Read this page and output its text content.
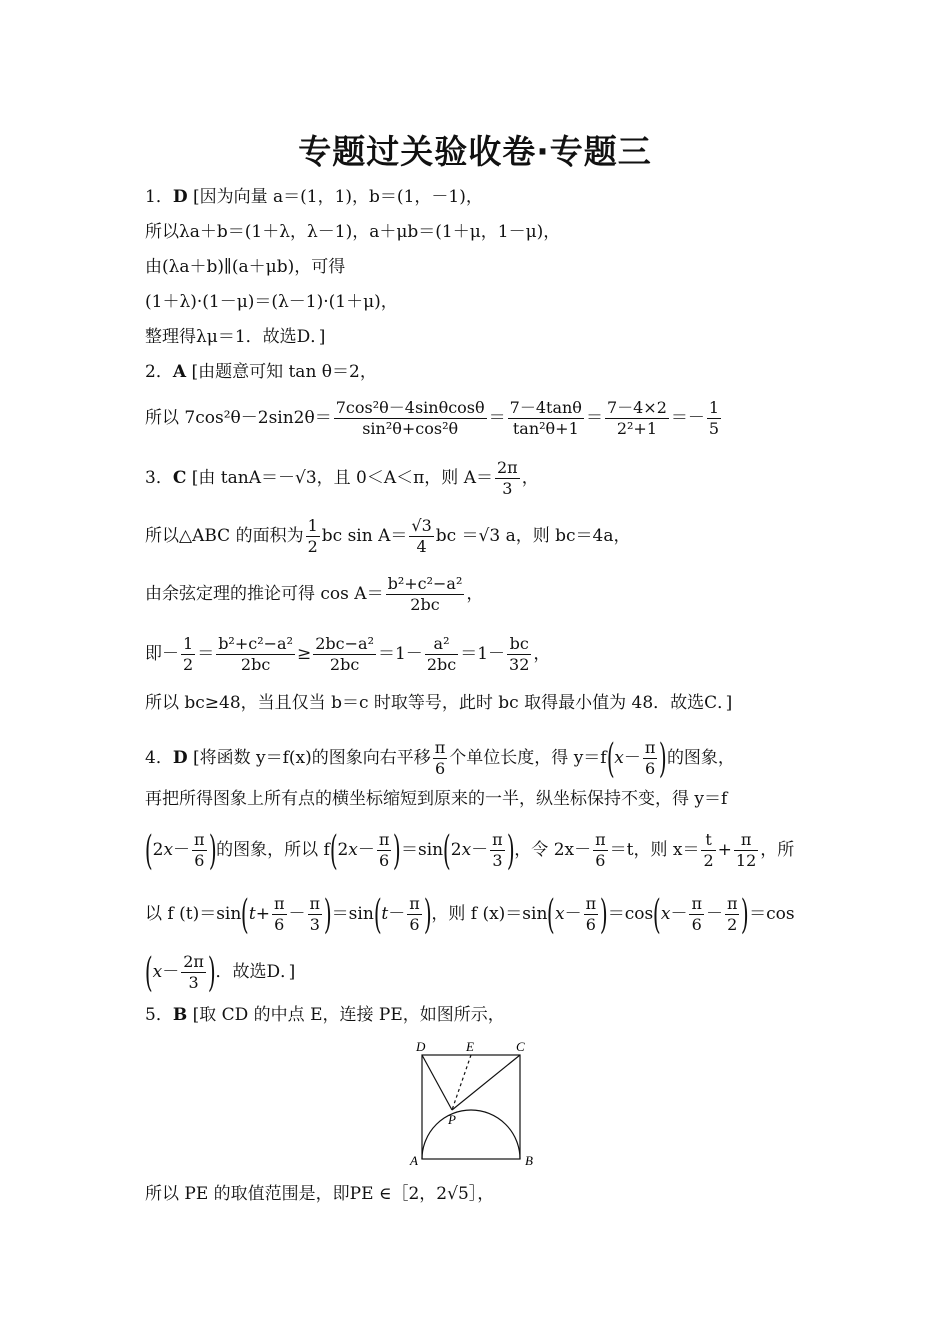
专题过关验收卷·专题三
1．D [因为向量 a＝(1，1)，b＝(1，－1)，
所以λa＋b＝(1＋λ，λ－1)，a＋μb＝(1＋μ，1－μ)，
由(λa＋b)∥(a＋μb)，可得
(1＋λ)·(1－μ)＝(λ－1)·(1＋μ)，
整理得λμ＝1．故选D．]
2．A [由题意可知 tan θ＝2，
所以 $7\cos^2\theta-2\sin 2\theta= \frac{\text{7cos²θ－4sinθcosθ}}{\text{sin²θ+cos²θ}} = \frac{7-4\tan\theta}{\text{tan²θ+1}} = \frac{7-4\times 2}{\text{2²+1}} =- \frac{1}{5}$
3．C [由 tanA＝－√3，且 0＜A＜π，则 $A= \frac{2\pi}{3}$ ，
所以△ABC 的面积为 $\frac{1}{2}$ bc $\sin A= \frac{√3}{4}$ bc ＝√3 a，则 bc＝4a，
由余弦定理的推论可得 $\cos A= \frac{\text{b²+c²−a²}}{2bc}$ ，
即－ $\frac{1}{2} = \frac{\text{b²+c²−a²}}{2bc} \ge \frac{\text{2bc−a²}}{2bc} =1- \frac{\text{a²}}{2bc} =1- \frac{bc}{32}$ ，
所以 bc≥48，当且仅当 b＝c 时取等号，此时 bc 取得最小值为 48．故选C．]
4．D [将函数 y＝f(x)的图象向右平移 $\frac{\pi}{6}$ 个单位长度，得 $y=f(x- \frac{\pi}{6}$ )的图象，
再把所得图象上所有点的横坐标缩短到原来的一半，纵坐标保持不变，得 y＝f
($2x- \frac{\pi}{6}$ )的图象，所以 $f(2x- \frac{\pi}{6} )=\sin(2x- \frac{\pi}{3}$ )，令 $2x- \frac{\pi}{6} =t$，则 $x= \frac{t}{2} + \frac{\pi}{12}$ ，所
以 f $(t)=\sin(t+ \frac{\pi}{6} - \frac{\pi}{3} )=\sin(t- \frac{\pi}{6}$ )，则 f $(x)=\sin(x- \frac{\pi}{6} )=\cos(x- \frac{\pi}{6} - \frac{\pi}{2} )=\cos$
($x- \frac{2\pi}{3}$ )．故选D．]
5．B [取 CD 的中点 E，连接 PE，如图所示，
D	E	C
P
A	B
所以 PE 的取值范围是，即PE ∈［2，2√5］，
